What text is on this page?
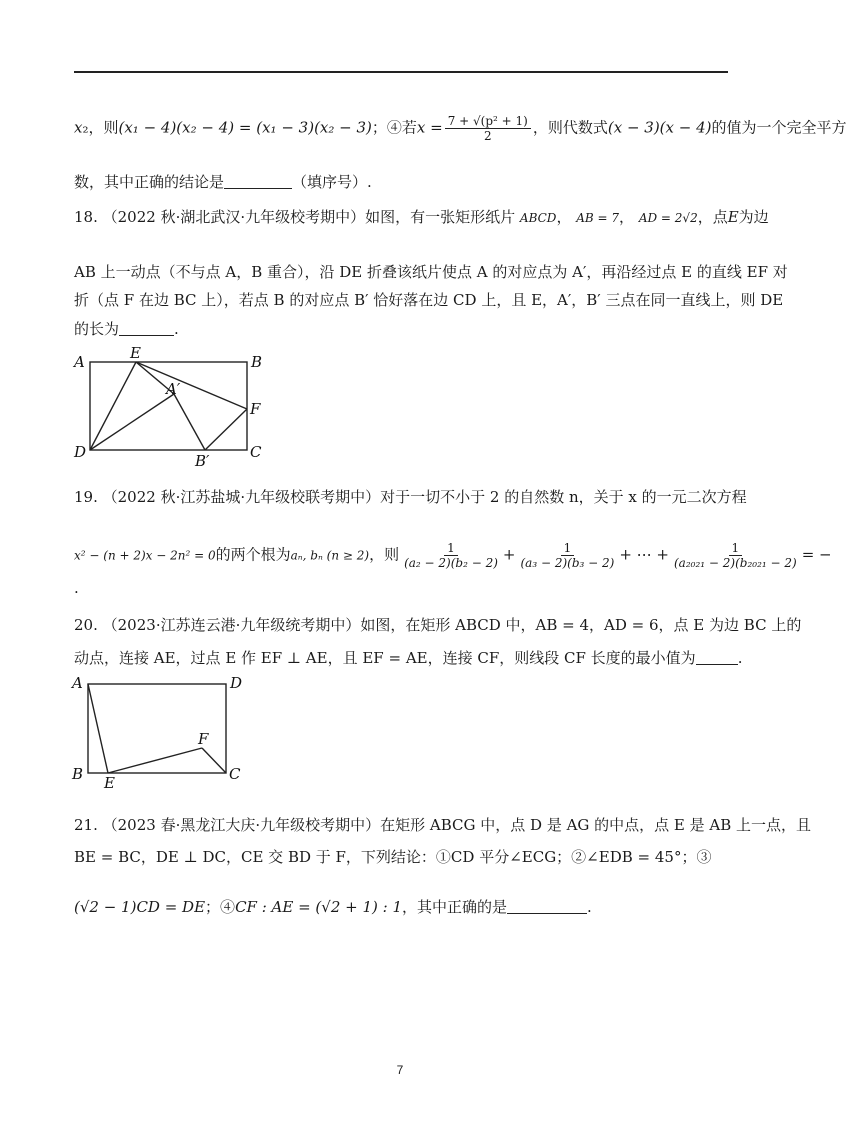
x₂，则(x₁ − 4)(x₂ − 4) = (x₁ − 3)(x₂ − 3)；④若$x = \frac{\text{7 + √(p² + 1)}}{2}$ ，则代数式(x − 3)(x − 4)的值为一个完全平方
数，其中正确的结论是	（填序号）.
18. （2022 秋·湖北武汉·九年级校考期中）如图，有一张矩形纸片 ABCD， AB = 7， AD = 2√2，点E为边
AB 上一动点（不与点 A，B 重合），沿 DE 折叠该纸片使点 A 的对应点为 A′，再沿经过点 E 的直线 EF 对
折（点 F 在边 BC 上），若点 B 的对应点 B′ 恰好落在边 CD 上，且 E，A′，B′ 三点在同一直线上，则 DE
的长为	.
A	E	B
A′
F
D	B′	C
19. （2022 秋·江苏盐城·九年级校联考期中）对于一切不小于 2 的自然数 n，关于 x 的一元二次方程
x² − (n + 2)x − 2n² = 0的两个根为aₙ, bₙ (n ≥ 2)，则 $\frac{1}{\text{(a₂ − 2)(b₂ − 2)}} + \frac{1}{\text{(a₃ − 2)(b₃ − 2)}}$ + ⋯ + $\frac{1}{\text{(a₂₀₂₁ − 2)(b₂₀₂₁ − 2)}}$ = −
.
20. （2023·江苏连云港·九年级统考期中）如图，在矩形 ABCD 中，AB = 4，AD = 6，点 E 为边 BC 上的
动点，连接 AE，过点 E 作 EF ⊥ AE，且 EF = AE，连接 CF，则线段 CF 长度的最小值为	.
A	D
F
B E	C
21. （2023 春·黑龙江大庆·九年级校考期中）在矩形 ABCG 中，点 D 是 AG 的中点，点 E 是 AB 上一点，且
BE = BC，DE ⊥ DC，CE 交 BD 于 F，下列结论：①CD 平分∠ECG；②∠EDB = 45°；③
(√2 − 1)CD = DE；④CF : AE = (√2 + 1) : 1，其中正确的是	.
7
